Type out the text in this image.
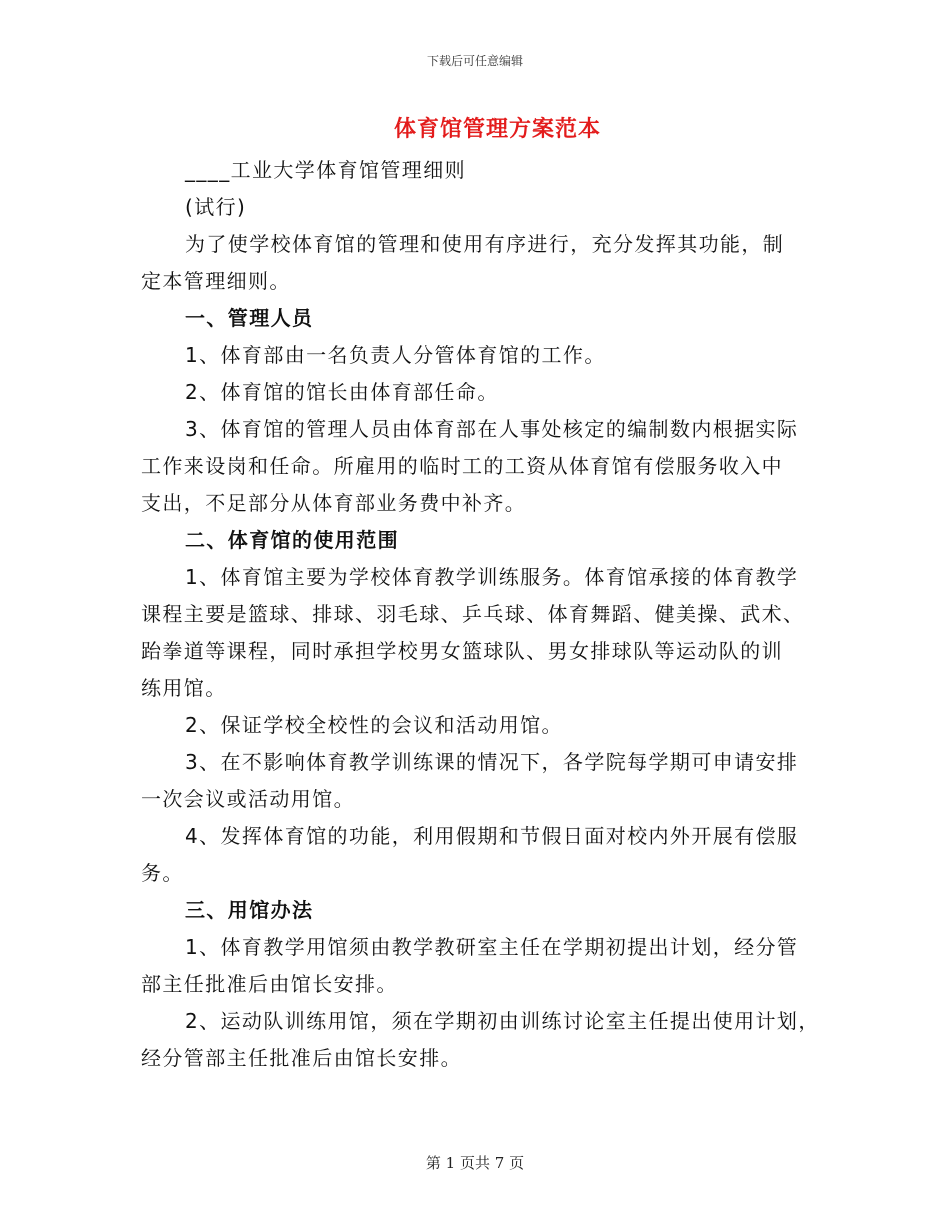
下载后可任意编辑
体育馆管理方案范本
____工业大学体育馆管理细则
(试行)
为了使学校体育馆的管理和使用有序进行，充分发挥其功能，制
定本管理细则。
一、管理人员
1、体育部由一名负责人分管体育馆的工作。
2、体育馆的馆长由体育部任命。
3、体育馆的管理人员由体育部在人事处核定的编制数内根据实际
工作来设岗和任命。所雇用的临时工的工资从体育馆有偿服务收入中
支出，不足部分从体育部业务费中补齐。
二、体育馆的使用范围
1、体育馆主要为学校体育教学训练服务。体育馆承接的体育教学
课程主要是篮球、排球、羽毛球、乒乓球、体育舞蹈、健美操、武术、
跆拳道等课程，同时承担学校男女篮球队、男女排球队等运动队的训
练用馆。
2、保证学校全校性的会议和活动用馆。
3、在不影响体育教学训练课的情况下，各学院每学期可申请安排
一次会议或活动用馆。
4、发挥体育馆的功能，利用假期和节假日面对校内外开展有偿服
务。
三、用馆办法
1、体育教学用馆须由教学教研室主任在学期初提出计划，经分管
部主任批准后由馆长安排。
2、运动队训练用馆，须在学期初由训练讨论室主任提出使用计划，
经分管部主任批准后由馆长安排。
第 1 页共 7 页
